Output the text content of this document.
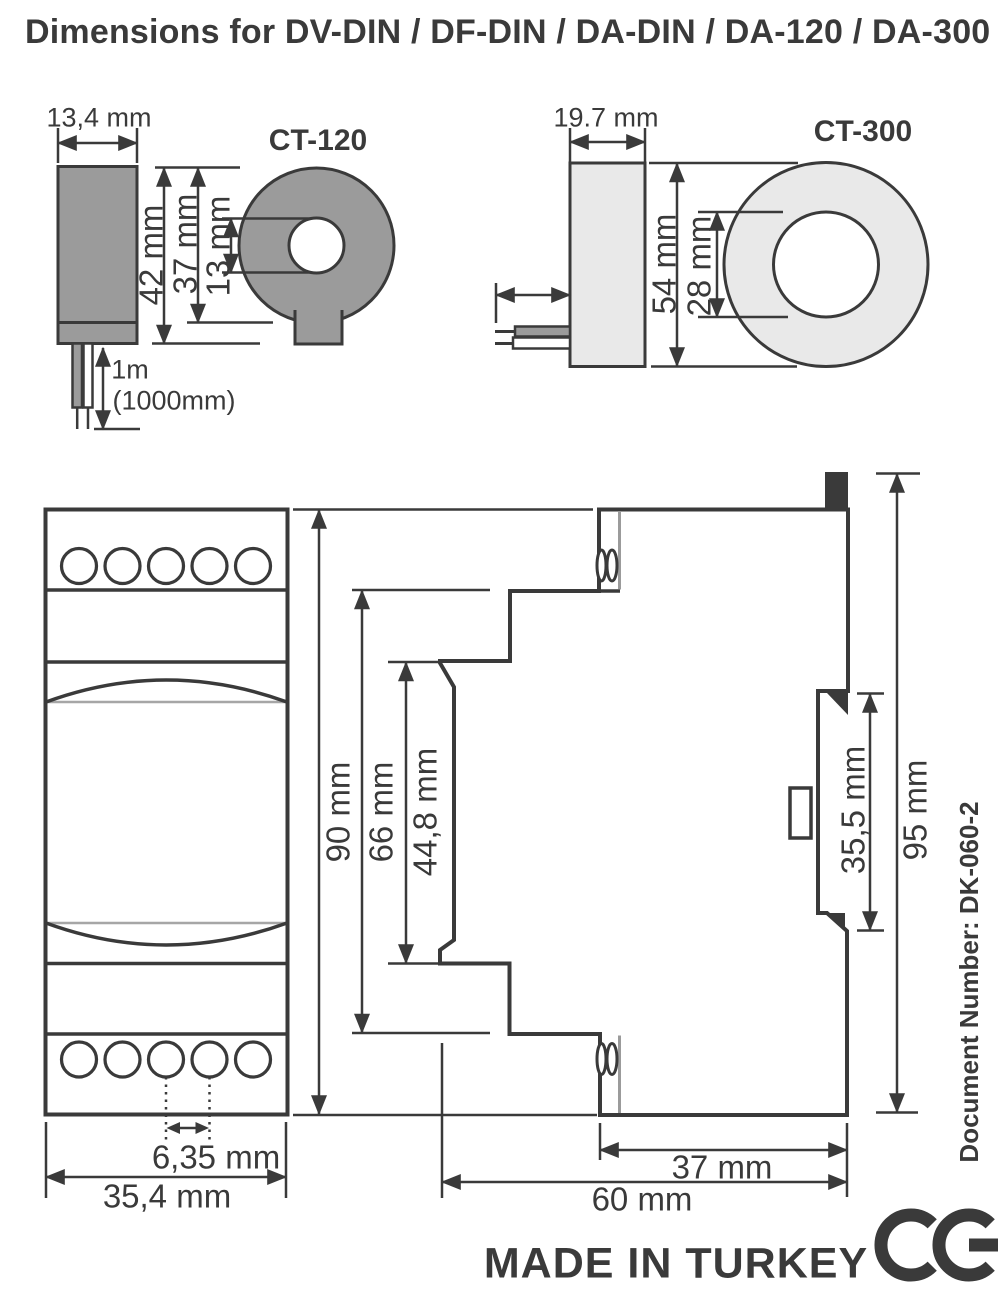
Dimensions for DV-DIN / DF-DIN / DA-DIN / DA-120 / DA-300
13,4 mm
CT-120
42 mm
37 mm
13 mm
1m
(1000mm)
19.7 mm	CT-300
54 mm
28 mm
90 mm 66 mm 44,8 mm	35,5 mm 95 mm
6,35 mm
35,4 mm
37 mm
60 mm
Document Number: DK-060-2
MADE IN TURKEY
